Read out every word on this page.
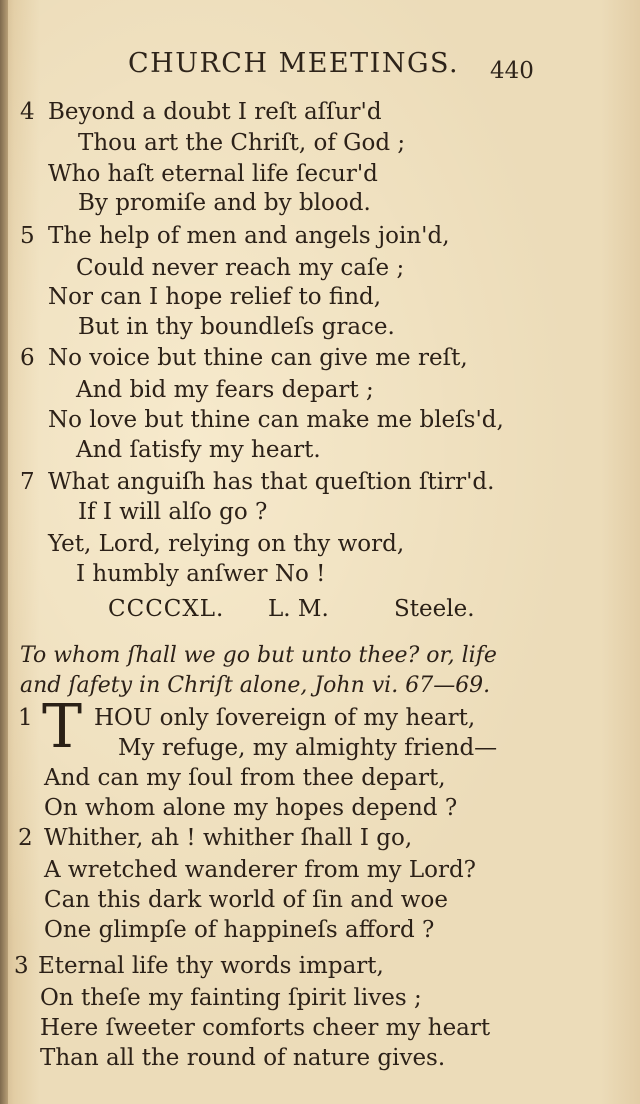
CHURCH MEETINGS. 440
4 Beyond a doubt I reſt aſſur'd
Thou art the Chriſt, of God ;
Who haſt eternal life ſecur'd
By promiſe and by blood.
5 The help of men and angels join'd,
Could never reach my caſe ;
Nor can I hope relief to find,
But in thy boundleſs grace.
6 No voice but thine can give me reſt,
And bid my fears depart ;
No love but thine can make me bleſs'd,
And ſatisfy my heart.
7 What anguiſh has that queſtion ſtirr'd.
If I will alſo go ?
Yet, Lord, relying on thy word,
I humbly anſwer No !
CCCCXL. L. M.	Steele.
To whom ſhall we go but unto thee? or, life
and ſafety in Chriſt alone, John vi. 67—69.
1 T HOU only ſovereign of my heart,
My refuge, my almighty friend—
And can my ſoul from thee depart,
On whom alone my hopes depend ?
2 Whither, ah ! whither ſhall I go,
A wretched wanderer from my Lord?
Can this dark world of ſin and woe
One glimpſe of happineſs afford ?
3 Eternal life thy words impart,
On theſe my fainting ſpirit lives ;
Here ſweeter comforts cheer my heart
Than all the round of nature gives.
